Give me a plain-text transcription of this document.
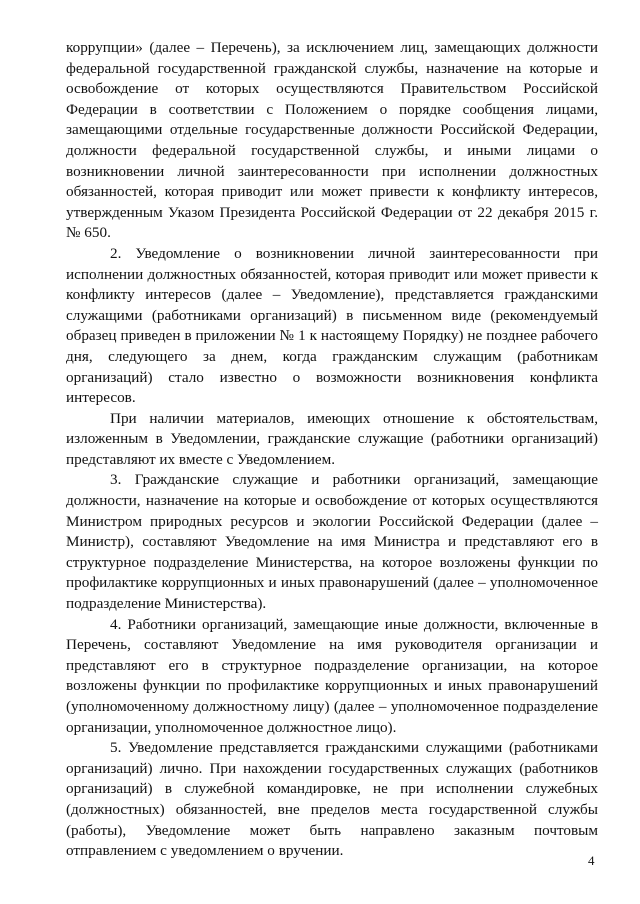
коррупции» (далее – Перечень), за исключением лиц, замещающих должности федеральной государственной гражданской службы, назначение на которые и освобождение от которых осуществляются Правительством Российской Федерации в соответствии с Положением о порядке сообщения лицами, замещающими отдельные государственные должности Российской Федерации, должности федеральной государственной службы, и иными лицами о возникновении личной заинтересованности при исполнении должностных обязанностей, которая приводит или может привести к конфликту интересов, утвержденным Указом Президента Российской Федерации от 22 декабря 2015 г. № 650.

2. Уведомление о возникновении личной заинтересованности при исполнении должностных обязанностей, которая приводит или может привести к конфликту интересов (далее – Уведомление), представляется гражданскими служащими (работниками организаций) в письменном виде (рекомендуемый образец приведен в приложении № 1 к настоящему Порядку) не позднее рабочего дня, следующего за днем, когда гражданским служащим (работникам организаций) стало известно о возможности возникновения конфликта интересов.

При наличии материалов, имеющих отношение к обстоятельствам, изложенным в Уведомлении, гражданские служащие (работники организаций) представляют их вместе с Уведомлением.

3. Гражданские служащие и работники организаций, замещающие должности, назначение на которые и освобождение от которых осуществляются Министром природных ресурсов и экологии Российской Федерации (далее – Министр), составляют Уведомление на имя Министра и представляют его в структурное подразделение Министерства, на которое возложены функции по профилактике коррупционных и иных правонарушений (далее – уполномоченное подразделение Министерства).

4. Работники организаций, замещающие иные должности, включенные в Перечень, составляют Уведомление на имя руководителя организации и представляют его в структурное подразделение организации, на которое возложены функции по профилактике коррупционных и иных правонарушений (уполномоченному должностному лицу) (далее – уполномоченное подразделение организации, уполномоченное должностное лицо).

5. Уведомление представляется гражданскими служащими (работниками организаций) лично. При нахождении государственных служащих (работников организаций) в служебной командировке, не при исполнении служебных (должностных) обязанностей, вне пределов места государственной службы (работы), Уведомление может быть направлено заказным почтовым отправлением с уведомлением о вручении.

4
